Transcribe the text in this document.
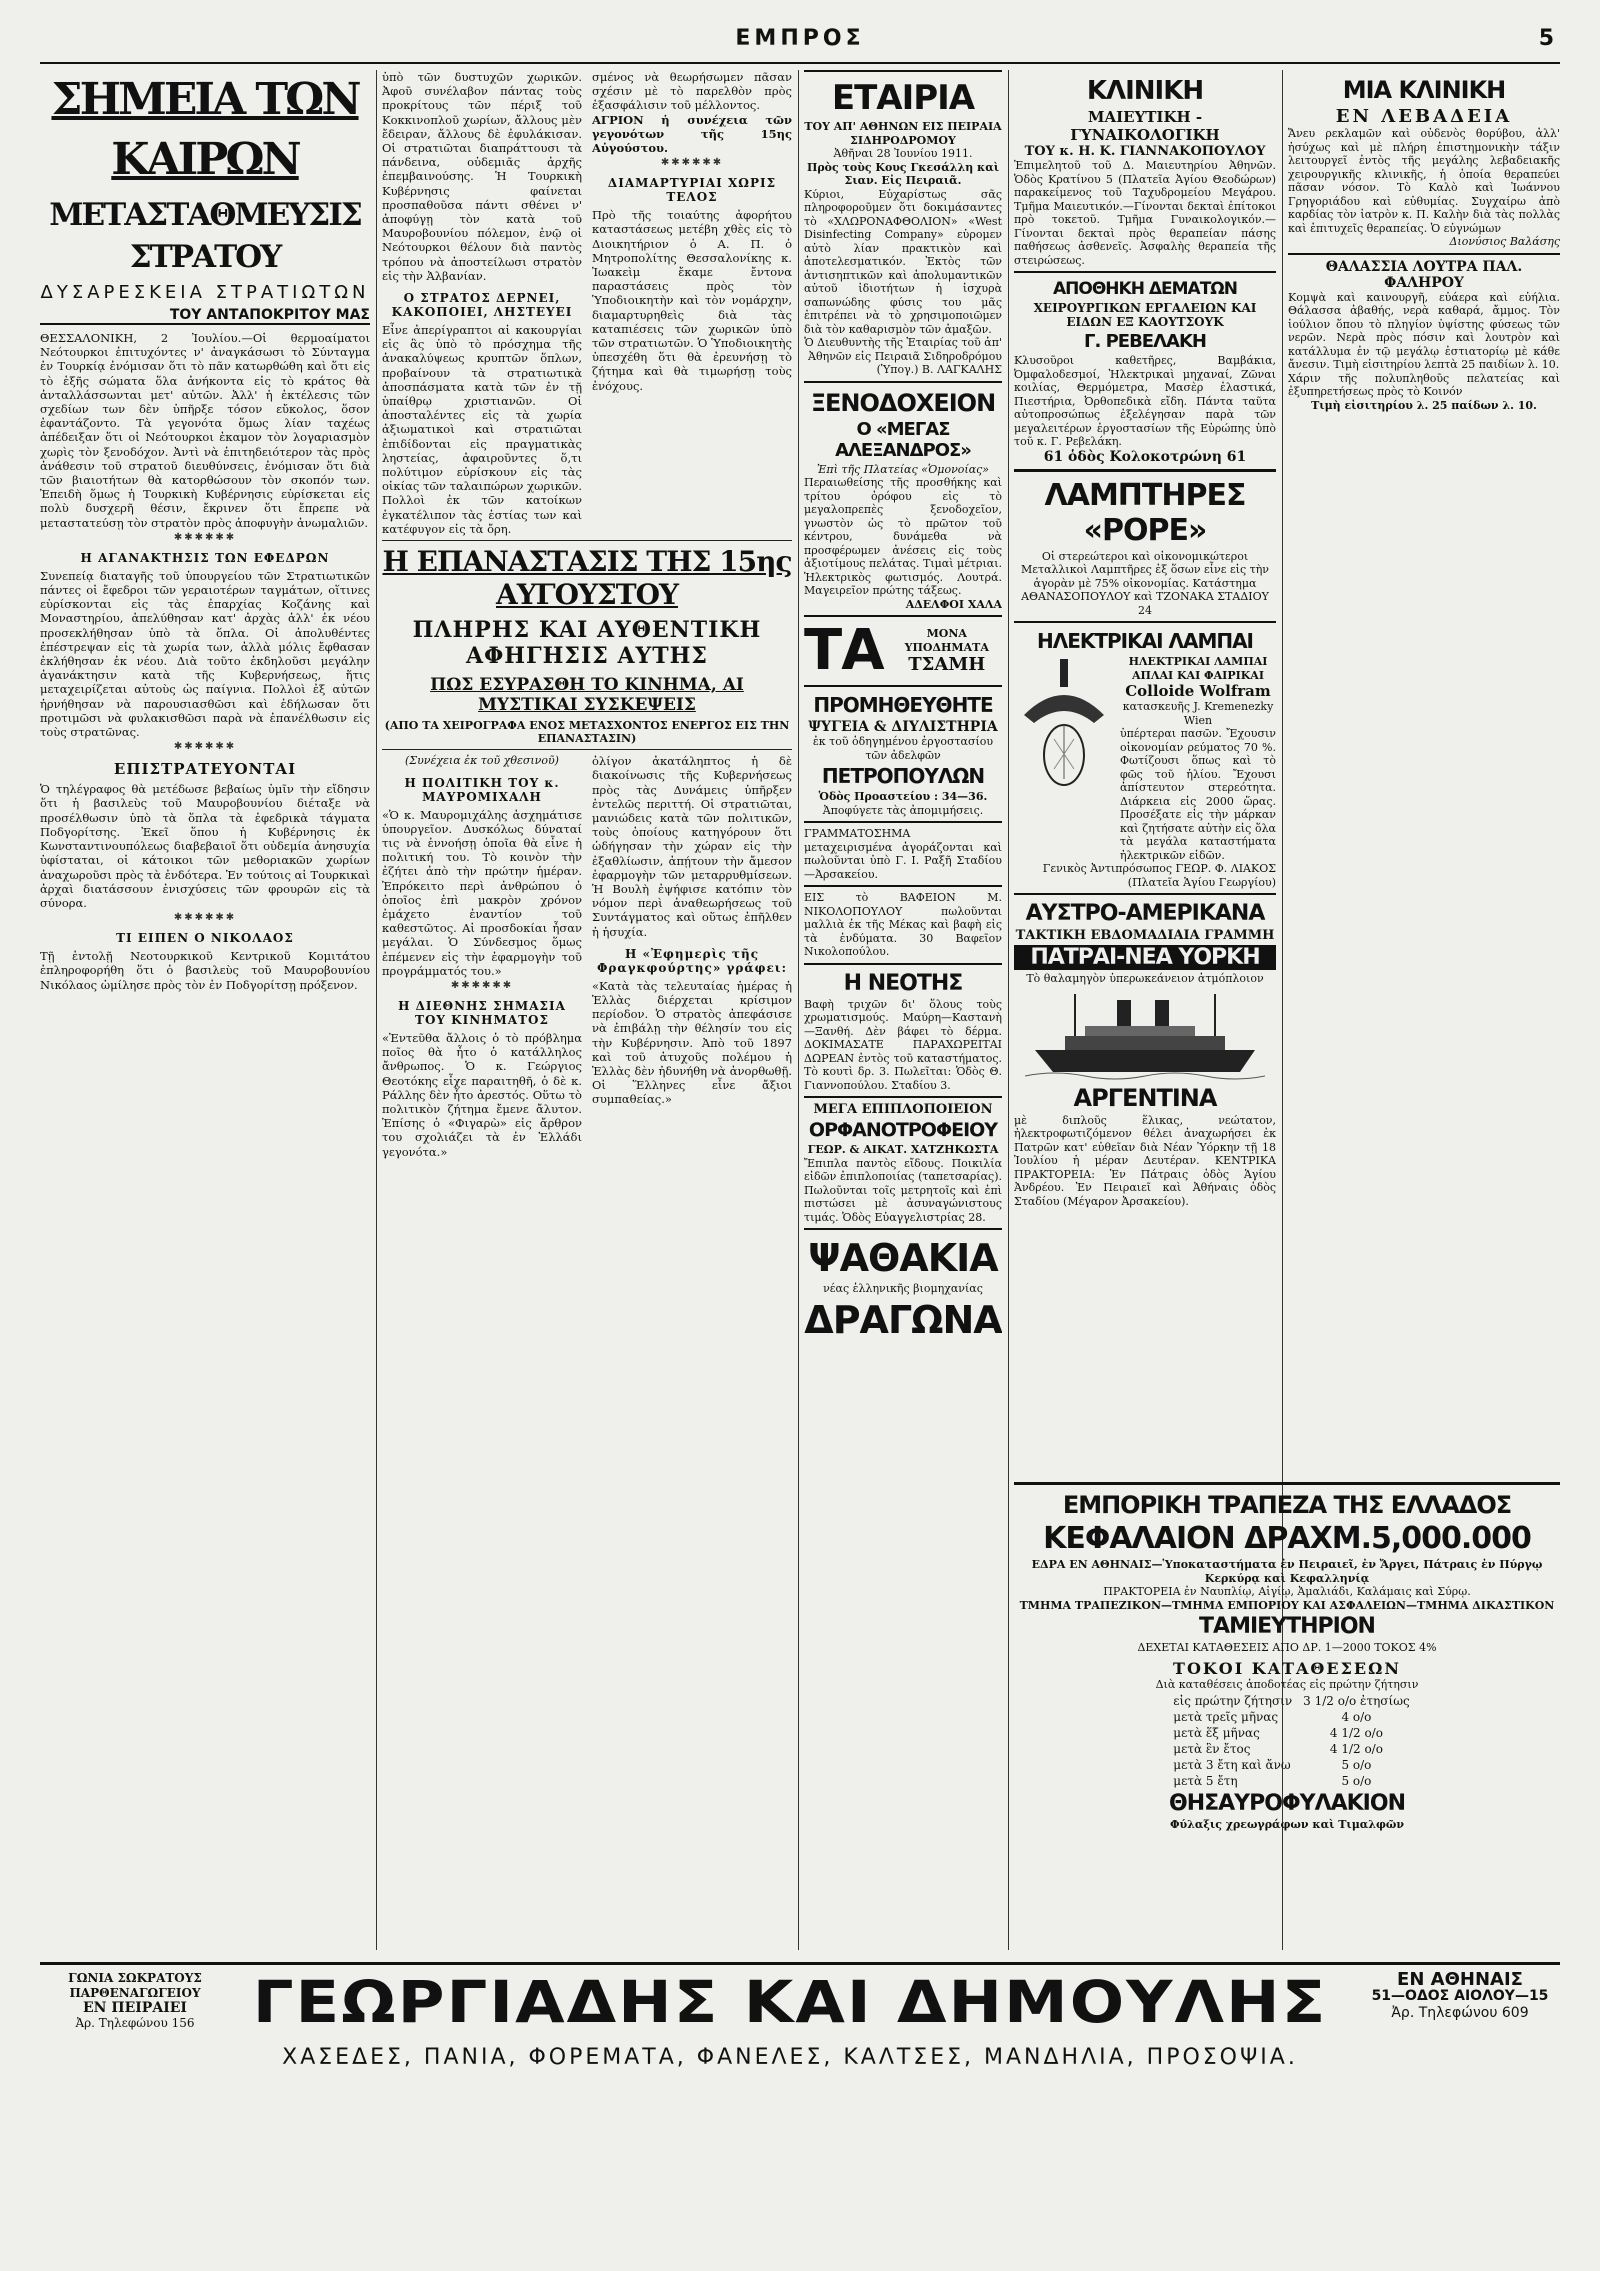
ΕΜΠΡΟΣ	5
ΣΗΜΕΙΑ ΤΩΝ ΚΑΙΡΩΝ
ΜΕΤΑΣΤΑΘΜΕΥΣΙΣ ΣΤΡΑΤΟΥ
ΔΥΣΑΡΕΣΚΕΙΑ ΣΤΡΑΤΙΩΤΩΝ
ΤΟΥ ΑΝΤΑΠΟΚΡΙΤΟΥ ΜΑΣ

ΘΕΣΣΑΛΟΝΙΚΗ, 2 Ἰουλίου.—Οἱ θερμοαίματοι Νεότουρκοι ἐπιτυχόντες ν' ἀναγκάσωσι τὸ Σύνταγμα ἐν Τουρκίᾳ ἐνόμισαν ὅτι τὸ πᾶν κατωρθώθη καὶ ὅτι εἰς τὸ ἑξῆς σώματα ὅλα ἀνήκοντα εἰς τὸ κράτος θὰ ἀνταλλάσσωνται μετ' αὐτῶν. Ἀλλ' ἡ ἐκτέλεσις τῶν σχεδίων των δὲν ὑπῆρξε τόσον εὔκολος, ὅσον ἐφαντάζοντο. Τὰ γεγονότα ὅμως λίαν ταχέως ἀπέδειξαν ὅτι οἱ Νεότουρκοι ἐκαμον τὸν λογαριασμὸν χωρὶς τὸν ξενοδόχον. Ἀντὶ νὰ ἐπιτηδειότερον τὰς πρὸς ἀνάθεσιν τοῦ στρατοῦ διευθύνσεις, ἐνόμισαν ὅτι διὰ τῶν βιαιοτήτων θὰ κατορθώσουν τὸν σκοπόν των. Ἐπειδὴ ὅμως ἡ Τουρκικὴ Κυβέρνησις εὑρίσκεται εἰς πολὺ δυσχερῆ θέσιν, ἔκρινεν ὅτι ἔπρεπε νὰ μεταστατεύσῃ τὸν στρατὸν πρὸς ἀποφυγὴν ἀνωμαλιῶν.

✱✱✱✱✱✱
Η ΑΓΑΝΑΚΤΗΣΙΣ ΤΩΝ ΕΦΕΔΡΩΝ

Συνεπείᾳ διαταγῆς τοῦ ὑπουργείου τῶν Στρατιωτικῶν πάντες οἱ ἔφεδροι τῶν γεραιοτέρων ταγμάτων, οἵτινες εὑρίσκονται εἰς τὰς ἐπαρχίας Κοζάνης καὶ Μοναστηρίου, ἀπελύθησαν κατ' ἀρχὰς ἀλλ' ἐκ νέου προσεκλήθησαν ὑπὸ τὰ ὅπλα. Οἱ ἀπολυθέντες ἐπέστρεψαν εἰς τὰ χωρία των, ἀλλὰ μόλις ἔφθασαν ἐκλήθησαν ἐκ νέου. Διὰ τοῦτο ἐκδηλοῦσι μεγάλην ἀγανάκτησιν κατὰ τῆς Κυβερνήσεως, ἥτις μεταχειρίζεται αὐτοὺς ὡς παίγνια. Πολλοὶ ἐξ αὐτῶν ἠρνήθησαν νὰ παρουσιασθῶσι καὶ ἐδήλωσαν ὅτι προτιμῶσι νὰ φυλακισθῶσι παρὰ νὰ ἐπανέλθωσιν εἰς τοὺς στρατῶνας.

✱✱✱✱✱✱
ΕΠΙΣΤΡΑΤΕΥΟΝΤΑΙ

Ὁ τηλέγραφος θὰ μετέδωσε βεβαίως ὑμῖν τὴν εἴδησιν ὅτι ἡ βασιλεὺς τοῦ Μαυροβουνίου διέταξε νὰ προσέλθωσιν ὑπὸ τὰ ὅπλα τὰ ἐφεδρικὰ τάγματα Ποδγορίτσης. Ἐκεῖ ὅπου ἡ Κυβέρνησις ἐκ Κωνσταντινουπόλεως διαβεβαιοῖ ὅτι οὐδεμία ἀνησυχία ὑφίσταται, οἱ κάτοικοι τῶν μεθοριακῶν χωρίων ἀναχωροῦσι πρὸς τὰ ἐνδότερα. Ἐν τούτοις αἱ Τουρκικαὶ ἀρχαὶ διατάσσουν ἐνισχύσεις τῶν φρουρῶν εἰς τὰ σύνορα.

✱✱✱✱✱✱
ΤΙ ΕΙΠΕΝ Ο ΝΙΚΟΛΑΟΣ

Τῇ ἐντολῇ Νεοτουρκικοῦ Κεντρικοῦ Κομιτάτου ἐπληροφορήθη ὅτι ὁ βασιλεὺς τοῦ Μαυροβουνίου Νικόλαος ὡμίλησε πρὸς τὸν ἐν Ποδγορίτσῃ πρόξενον.

ὑπὸ τῶν δυστυχῶν χωρικῶν. Ἀφοῦ συνέλαβον πάντας τοὺς προκρίτους τῶν πέριξ τοῦ Κοκκινοπλοῦ χωρίων, ἄλλους μὲν ἔδειραν, ἄλλους δὲ ἐφυλάκισαν. Οἱ στρατιῶται διαπράττουσι τὰ πάνδεινα, οὐδεμιᾶς ἀρχῆς ἐπεμβαινούσης. Ἡ Τουρκικὴ Κυβέρνησις φαίνεται προσπαθοῦσα πάντι σθένει ν' ἀποφύγῃ τὸν κατὰ τοῦ Μαυροβουνίου πόλεμον, ἐνῷ οἱ Νεότουρκοι θέλουν διὰ παντὸς τρόπου νὰ ἀποστείλωσι στρατὸν εἰς τὴν Ἀλβανίαν.

Ο ΣΤΡΑΤΟΣ ΔΕΡΝΕΙ, ΚΑΚΟΠΟΙΕΙ, ΛΗΣΤΕΥΕΙ

Εἶνε ἀπερίγραπτοι αἱ κακουργίαι εἰς ἃς ὑπὸ τὸ πρόσχημα τῆς ἀνακαλύψεως κρυπτῶν ὅπλων, προβαίνουν τὰ στρατιωτικὰ ἀποσπάσματα κατὰ τῶν ἐν τῇ ὑπαίθρῳ χριστιανῶν. Οἱ ἀποσταλέντες εἰς τὰ χωρία ἀξιωματικοὶ καὶ στρατιῶται ἐπιδίδονται εἰς πραγματικὰς ληστείας, ἀφαιροῦντες ὅ,τι πολύτιμον εὑρίσκουν εἰς τὰς οἰκίας τῶν ταλαιπώρων χωρικῶν. Πολλοὶ ἐκ τῶν κατοίκων ἐγκατέλιπον τὰς ἑστίας των καὶ κατέφυγον εἰς τὰ ὄρη.

σμένος νὰ θεωρήσωμεν πᾶσαν σχέσιν μὲ τὸ παρελθὸν πρὸς ἐξασφάλισιν τοῦ μέλλοντος.

ΑΓΡΙΟΝ ἡ συνέχεια τῶν γεγονότων τῆς 15ης Αὐγούστου.

✱✱✱✱✱✱
ΔΙΑΜΑΡΤΥΡΙΑΙ ΧΩΡΙΣ ΤΕΛΟΣ

Πρὸ τῆς τοιαύτης ἀφορήτου καταστάσεως μετέβη χθὲς εἰς τὸ Διοικητήριον ὁ Α. Π. ὁ Μητροπολίτης Θεσσαλονίκης κ. Ἰωακεὶμ ἔκαμε ἔντονα παραστάσεις πρὸς τὸν Ὑποδιοικητὴν καὶ τὸν νομάρχην, διαμαρτυρηθεὶς διὰ τὰς καταπιέσεις τῶν χωρικῶν ὑπὸ τῶν στρατιωτῶν. Ὁ Ὑποδιοικητὴς ὑπεσχέθη ὅτι θὰ ἐρευνήσῃ τὸ ζήτημα καὶ θὰ τιμωρήσῃ τοὺς ἐνόχους.

Η ΕΠΑΝΑΣΤΑΣΙΣ ΤΗΣ 15ης ΑΥΓΟΥΣΤΟΥ
ΠΛΗΡΗΣ ΚΑΙ ΑΥΘΕΝΤΙΚΗ ΑΦΗΓΗΣΙΣ ΑΥΤΗΣ
ΠΩΣ ΕΣΥΡΑΣΘΗ ΤΟ ΚΙΝΗΜΑ, ΑΙ ΜΥΣΤΙΚΑΙ ΣΥΣΚΕΨΕΙΣ
(ΑΠΟ ΤΑ ΧΕΙΡΟΓΡΑΦΑ ΕΝΟΣ ΜΕΤΑΣΧΟΝΤΟΣ ΕΝΕΡΓΟΣ ΕΙΣ ΤΗΝ ΕΠΑΝΑΣΤΑΣΙΝ)
(Συνέχεια ἐκ τοῦ χθεσινοῦ)
Η ΠΟΛΙΤΙΚΗ ΤΟΥ κ. ΜΑΥΡΟΜΙΧΑΛΗ

«Ὁ κ. Μαυρομιχάλης ἀσχημάτισε ὑπουργεῖον. Δυσκόλως δύναταί τις νὰ ἐννοήσῃ ὁποῖα θὰ εἶνε ἡ πολιτική του. Τὸ κοινὸν τὴν ἐζήτει ἀπὸ τὴν πρώτην ἡμέραν. Ἐπρόκειτο περὶ ἀνθρώπου ὁ ὁποῖος ἐπὶ μακρὸν χρόνον ἐμάχετο ἐναντίον τοῦ καθεστῶτος. Αἱ προσδοκίαι ἦσαν μεγάλαι. Ὁ Σύνδεσμος ὅμως ἐπέμενεν εἰς τὴν ἐφαρμογὴν τοῦ προγράμματός του.»

✱✱✱✱✱✱
Η ΔΙΕΘΝΗΣ ΣΗΜΑΣΙΑ ΤΟΥ ΚΙΝΗΜΑΤΟΣ

«Ἐντεῦθα ἄλλοις ὁ τὸ πρόβλημα ποῖος θὰ ἦτο ὁ κατάλληλος ἄνθρωπος. Ὁ κ. Γεώργιος Θεοτόκης εἶχε παραιτηθῆ, ὁ δὲ κ. Ράλλης δὲν ἦτο ἀρεστός. Οὕτω τὸ πολιτικὸν ζήτημα ἔμενε ἄλυτον. Ἐπίσης ὁ «Φιγαρὼ» εἰς ἄρθρον του σχολιάζει τὰ ἐν Ἑλλάδι γεγονότα.»

ὀλίγον ἀκατάληπτος ἡ δὲ διακοίνωσις τῆς Κυβερνήσεως πρὸς τὰς Δυνάμεις ὑπῆρξεν ἐντελῶς περιττή. Οἱ στρατιῶται, μανιώδεις κατὰ τῶν πολιτικῶν, τοὺς ὁποίους κατηγόρουν ὅτι ὡδήγησαν τὴν χώραν εἰς τὴν ἐξαθλίωσιν, ἀπῄτουν τὴν ἄμεσον ἐφαρμογὴν τῶν μεταρρυθμίσεων. Ἡ Βουλὴ ἐψήφισε κατόπιν τὸν νόμον περὶ ἀναθεωρήσεως τοῦ Συντάγματος καὶ οὕτως ἐπῆλθεν ἡ ἡσυχία.

Η «Ἐφημερὶς τῆς Φραγκφούρτης» γράφει:

«Κατὰ τὰς τελευταίας ἡμέρας ἡ Ἑλλὰς διέρχεται κρίσιμον περίοδον. Ὁ στρατὸς ἀπεφάσισε νὰ ἐπιβάλῃ τὴν θέλησίν του εἰς τὴν Κυβέρνησιν. Ἀπὸ τοῦ 1897 καὶ τοῦ ἀτυχοῦς πολέμου ἡ Ἑλλὰς δὲν ἠδυνήθη νὰ ἀνορθωθῇ. Οἱ Ἕλληνες εἶνε ἄξιοι συμπαθείας.»

ΕΤΑΙΡΙΑ
ΤΟΥ ΑΠ' ΑΘΗΝΩΝ ΕΙΣ ΠΕΙΡΑΙΑ ΣΙΔΗΡΟΔΡΟΜΟΥ
Ἀθῆναι 28 Ἰουνίου 1911.
Πρὸς τοὺς Κους Γκεσάλλη καὶ Σιαν. Εἰς Πειραιᾶ.

Κύριοι, Εὐχαρίστως σᾶς πληροφοροῦμεν ὅτι δοκιμάσαντες τὸ «ΧΛΩΡΟΝΑΦΘΟΛΙΟΝ» «West Disinfecting Company» εὑρομεν αὐτὸ λίαν πρακτικὸν καὶ ἀποτελεσματικόν. Ἐκτὸς τῶν ἀντισηπτικῶν καὶ ἀπολυμαντικῶν αὐτοῦ ἰδιοτήτων ἡ ἰσχυρὰ σαπωνώδης φύσις του μᾶς ἐπιτρέπει νὰ τὸ χρησιμοποιῶμεν διὰ τὸν καθαρισμὸν τῶν ἁμαξῶν.

Ὁ Διευθυντὴς τῆς Ἑταιρίας τοῦ ἀπ' Ἀθηνῶν εἰς Πειραιᾶ Σιδηροδρόμου (Ὑπογ.) Β. ΛΑΓΚΑΛΗΣ

ΞΕΝΟΔΟΧΕΙΟΝ
Ο «ΜΕΓΑΣ ΑΛΕΞΑΝΔΡΟΣ»
Ἐπὶ τῆς Πλατείας «Ὁμονοίας»

Περαιωθείσης τῆς προσθήκης καὶ τρίτου ὀρόφου εἰς τὸ μεγαλοπρεπὲς ξενοδοχεῖον, γνωστὸν ὡς τὸ πρῶτον τοῦ κέντρου, δυνάμεθα νὰ προσφέρωμεν ἀνέσεις εἰς τοὺς ἀξιοτίμους πελάτας. Τιμαὶ μέτριαι. Ἡλεκτρικὸς φωτισμός. Λουτρά. Μαγειρεῖον πρώτης τάξεως.

ΑΔΕΛΦΟΙ ΧΑΛΑ
ΤΑ	ΜΟΝΑ ΥΠΟΔΗΜΑΤΑ
ΤΣΑΜΗ
ΠΡΟΜΗΘΕΥΘΗΤΕ
ΨΥΓΕΙΑ & ΔΙΥΛΙΣΤΗΡΙΑ
ἐκ τοῦ ὁδηγημένου ἐργοστασίου τῶν ἀδελφῶν
ΠΕΤΡΟΠΟΥΛΩΝ
Ὁδὸς Προαστείου : 34—36.
Ἀποφύγετε τὰς ἀπομιμήσεις.

ΓΡΑΜΜΑΤΟΣΗΜΑ μεταχειρισμένα ἀγοράζονται καὶ πωλοῦνται ὑπὸ Γ. Ι. Ραξῆ Σταδίου—Ἀρσακείου.

ΕΙΣ τὸ ΒΑΦΕΙΟΝ Μ. ΝΙΚΟΛΟΠΟΥΛΟΥ πωλοῦνται μαλλιὰ ἐκ τῆς Μέκας καὶ βαφὴ εἰς τὰ ἐνδύματα. 30 Βαφεῖον Νικολοπούλου.

Η ΝΕΟΤΗΣ

Βαφὴ τριχῶν δι' ὅλους τοὺς χρωματισμούς. Μαύρη—Καστανὴ—Ξανθή. Δὲν βάφει τὸ δέρμα. ΔΟΚΙΜΑΣΑΤΕ ΠΑΡΑΧΩΡΕΙΤΑΙ ΔΩΡΕΑΝ ἐντὸς τοῦ καταστήματος. Τὸ κουτὶ δρ. 3. Πωλεῖται: Ὁδὸς Θ. Γιαννοπούλου. Σταδίου 3.

ΜΕΓΑ ΕΠΙΠΛΟΠΟΙΕΙΟΝ
ΟΡΦΑΝΟΤΡΟΦΕΙΟΥ
ΓΕΩΡ. & ΑΙΚΑΤ. ΧΑΤΖΗΚΩΣΤΑ

Ἔπιπλα παντὸς εἴδους. Ποικιλία εἰδῶν ἐπιπλοποιίας (ταπετσαρίας). Πωλοῦνται τοῖς μετρητοῖς καὶ ἐπὶ πιστώσει μὲ ἀσυναγώνιστους τιμάς. Ὁδὸς Εὐαγγελιστρίας 28.

ΨΑΘΑΚΙΑ
νέας ἑλληνικῆς βιομηχανίας
ΔΡΑΓΩΝΑ
ΚΛΙΝΙΚΗ
ΜΑΙΕΥΤΙΚΗ - ΓΥΝΑΙΚΟΛΟΓΙΚΗ
ΤΟΥ κ. Η. Κ. ΓΙΑΝΝΑΚΟΠΟΥΛΟΥ

Ἐπιμελητοῦ τοῦ Δ. Μαιευτηρίου Ἀθηνῶν. Ὁδὸς Κρατίνου 5 (Πλατεῖα Ἀγίου Θεοδώρων) παρακείμενος τοῦ Ταχυδρομείου Μεγάρου. Τμῆμα Μαιευτικόν.—Γίνονται δεκταὶ ἐπίτοκοι πρὸ τοκετοῦ. Τμῆμα Γυναικολογικόν.—Γίνονται δεκταὶ πρὸς θεραπείαν πάσης παθήσεως ἀσθενεῖς. Ἀσφαλὴς θεραπεία τῆς στειρώσεως.

ΑΠΟΘΗΚΗ ΔΕΜΑΤΩΝ
ΧΕΙΡΟΥΡΓΙΚΩΝ ΕΡΓΑΛΕΙΩΝ ΚΑΙ ΕΙΔΩΝ ΕΞ ΚΑΟΥΤΣΟΥΚ
Γ. ΡΕΒΕΛΑΚΗ

Κλυσοῦροι καθετῆρες, Βαμβάκια, Ὀμφαλοδεσμοί, Ἠλεκτρικαὶ μηχαναί, Ζῶναι κοιλίας, Θερμόμετρα, Μασὲρ ἐλαστικά, Πιεστήρια, Ὀρθοπεδικὰ εἴδη. Πάντα ταῦτα αὐτοπροσώπως ἐξελέγησαν παρὰ τῶν μεγαλειτέρων ἐργοστασίων τῆς Εὐρώπης ὑπὸ τοῦ κ. Γ. Ρεβελάκη.

61 ὁδὸς Κολοκοτρώνη 61
ΛΑΜΠΤΗΡΕΣ «ΡΟΡΕ»

Οἱ στερεώτεροι καὶ οἰκονομικώτεροι Μεταλλικοὶ Λαμπτῆρες ἐξ ὅσων εἶνε εἰς τὴν ἀγορὰν μὲ 75% οἰκονομίας. Κατάστημα ΑΘΑΝΑΣΟΠΟΥΛΟΥ καὶ ΤΖΟΝΑΚΑ ΣΤΑΔΙΟΥ 24

ΗΛΕΚΤΡΙΚΑΙ ΛΑΜΠΑΙ
ΗΛΕΚΤΡΙΚΑΙ ΛΑΜΠΑΙ ΑΠΛΑΙ ΚΑΙ ΦΑΙΡΙΚΑΙ
Colloide Wolfram
κατασκευῆς J. Kremenezky Wien

ὑπέρτεραι πασῶν. Ἔχουσιν οἰκονομίαν ρεύματος 70 %. Φωτίζουσι ὅπως καὶ τὸ φῶς τοῦ ἡλίου. Ἔχουσι ἀπίστευτον στερεότητα. Διάρκεια εἰς 2000 ὥρας. Προσέξατε εἰς τὴν μάρκαν καὶ ζητήσατε αὐτὴν εἰς ὅλα τὰ μεγάλα καταστήματα ἠλεκτρικῶν εἰδῶν.

Γενικὸς Ἀντιπρόσωπος ΓΕΩΡ. Φ. ΛΙΑΚΟΣ (Πλατεῖα Ἁγίου Γεωργίου)
ΑΥΣΤΡΟ-ΑΜΕΡΙΚΑΝΑ
ΤΑΚΤΙΚΗ ΕΒΔΟΜΑΔΙΑΙΑ ΓΡΑΜΜΗ
ΠΑΤΡΑΙ-ΝΕΑ ΥΟΡΚΗ
Τὸ θαλαμηγὸν ὑπερωκεάνειον ἀτμόπλοιον
ΑΡΓΕΝΤΙΝΑ

μὲ διπλοῦς ἕλικας, νεώτατον, ἠλεκτροφωτιζόμενον θέλει ἀναχωρήσει ἐκ Πατρῶν κατ' εὐθεῖαν διὰ Νέαν Ὑόρκην τῇ 18 Ἰουλίου ἡ μέραν Δευτέραν. ΚΕΝΤΡΙΚΑ ΠΡΑΚΤΟΡΕΙΑ: Ἐν Πάτραις ὁδὸς Ἁγίου Ἀνδρέου. Ἐν Πειραιεῖ καὶ Ἀθήναις ὁδὸς Σταδίου (Μέγαρον Ἀρσακείου).

ΜΙΑ ΚΛΙΝΙΚΗ
ΕΝ ΛΕΒΑΔΕΙΑ

Ἄνευ ρεκλαμῶν καὶ οὐδενὸς θορύβου, ἀλλ' ἠσύχως καὶ μὲ πλήρη ἐπιστημονικὴν τάξιν λειτουργεῖ ἐντὸς τῆς μεγάλης λεβαδειακῆς χειρουργικῆς κλινικῆς, ἡ ὁποία θεραπεύει πᾶσαν νόσον. Τὸ Καλὸ καὶ Ἰωάννου Γρηγοριάδου καὶ εὐθυμίας. Συγχαίρω ἀπὸ καρδίας τὸν ἰατρὸν κ. Π. Καλὴν διὰ τὰς πολλὰς καὶ ἐπιτυχεῖς θεραπείας. Ὁ εὐγνώμων

Διονύσιος Βαλάσης
ΘΑΛΑΣΣΙΑ ΛΟΥΤΡΑ ΠΑΛ. ΦΑΛΗΡΟΥ

Κομψὰ καὶ καινουργῆ, εὐάερα καὶ εὐήλια. Θάλασσα ἀβαθής, νερὰ καθαρά, ἄμμος. Τὸν ἰούλιον ὅπου τὸ πληγίον ὑψίστης φύσεως τῶν νερῶν. Νερὰ πρὸς πόσιν καὶ λουτρὸν καὶ κατάλλυμα ἐν τῷ μεγάλῳ ἐστιατορίῳ μὲ κάθε ἄνεσιν. Τιμὴ εἰσιτηρίου λεπτὰ 25 παιδίων λ. 10.

Χάριν τῆς πολυπληθοῦς πελατείας καὶ ἐξυπηρετήσεως πρὸς τὸ Κοινόν

Τιμὴ εἰσιτηρίου λ. 25 παίδων λ. 10.
ΕΜΠΟΡΙΚΗ ΤΡΑΠΕΖΑ ΤΗΣ ΕΛΛΑΔΟΣ
ΚΕΦΑΛΑΙΟΝ ΔΡΑΧΜ.5,000.000
ΕΔΡΑ ΕΝ ΑΘΗΝΑΙΣ—Ὑποκαταστήματα ἐν Πειραιεῖ, ἐν Ἄργει, Πάτραις ἐν Πύργῳ Κερκύρᾳ καὶ Κεφαλληνίᾳ
ΠΡΑΚΤΟΡΕΙΑ ἐν Ναυπλίῳ, Αἰγίῳ, Ἀμαλιάδι, Καλάμαις καὶ Σύρῳ.
ΤΜΗΜΑ ΤΡΑΠΕΖΙΚΟΝ—ΤΜΗΜΑ ΕΜΠΟΡΙΟΥ ΚΑΙ ΑΣΦΑΛΕΙΩΝ—ΤΜΗΜΑ ΔΙΚΑΣΤΙΚΟΝ
ΤΑΜΙΕΥΤΗΡΙΟΝ
ΔΕΧΕΤΑΙ ΚΑΤΑΘΕΣΕΙΣ ΑΠΟ ΔΡ. 1—2000 ΤΟΚΟΣ 4%
ΤΟΚΟΙ ΚΑΤΑΘΕΣΕΩΝ
Διὰ καταθέσεις ἀποδοτέας εἰς πρώτην ζήτησιν
εἰς πρώτην ζήτησιν	3 1/2 ο/ο ἐτησίως
μετὰ τρεῖς μῆνας	4 ο/ο
μετὰ ἕξ μῆνας	4 1/2 ο/ο
μετὰ ἓν ἔτος	4 1/2 ο/ο
μετὰ 3 ἔτη καὶ ἄνω	5 ο/ο
μετὰ 5 ἔτη	5 ο/ο
ΘΗΣΑΥΡΟΦΥΛΑΚΙΟΝ
Φύλαξις χρεωγράφων καὶ Τιμαλφῶν
ΓΩΝΙΑ ΣΩΚΡΑΤΟΥΣ ΠΑΡΘΕΝΑΓΩΓΕΙΟΥ
ΕΝ ΠΕΙΡΑΙΕΙ
Ἀρ. Τηλεφώνου 156 ΓΕΩΡΓΙΑΔΗΣ ΚΑΙ ΔΗΜΟΥΛΗΣ	ΕΝ ΑΘΗΝΑΙΣ
51—ΟΔΟΣ ΑΙΟΛΟΥ—15
Ἀρ. Τηλεφώνου 609
ΧΑΣΕΔΕΣ, ΠΑΝΙΑ, ΦΟΡΕΜΑΤΑ, ΦΑΝΕΛΕΣ, ΚΑΛΤΣΕΣ, ΜΑΝΔΗΛΙΑ, ΠΡΟΣΟΨΙΑ.
